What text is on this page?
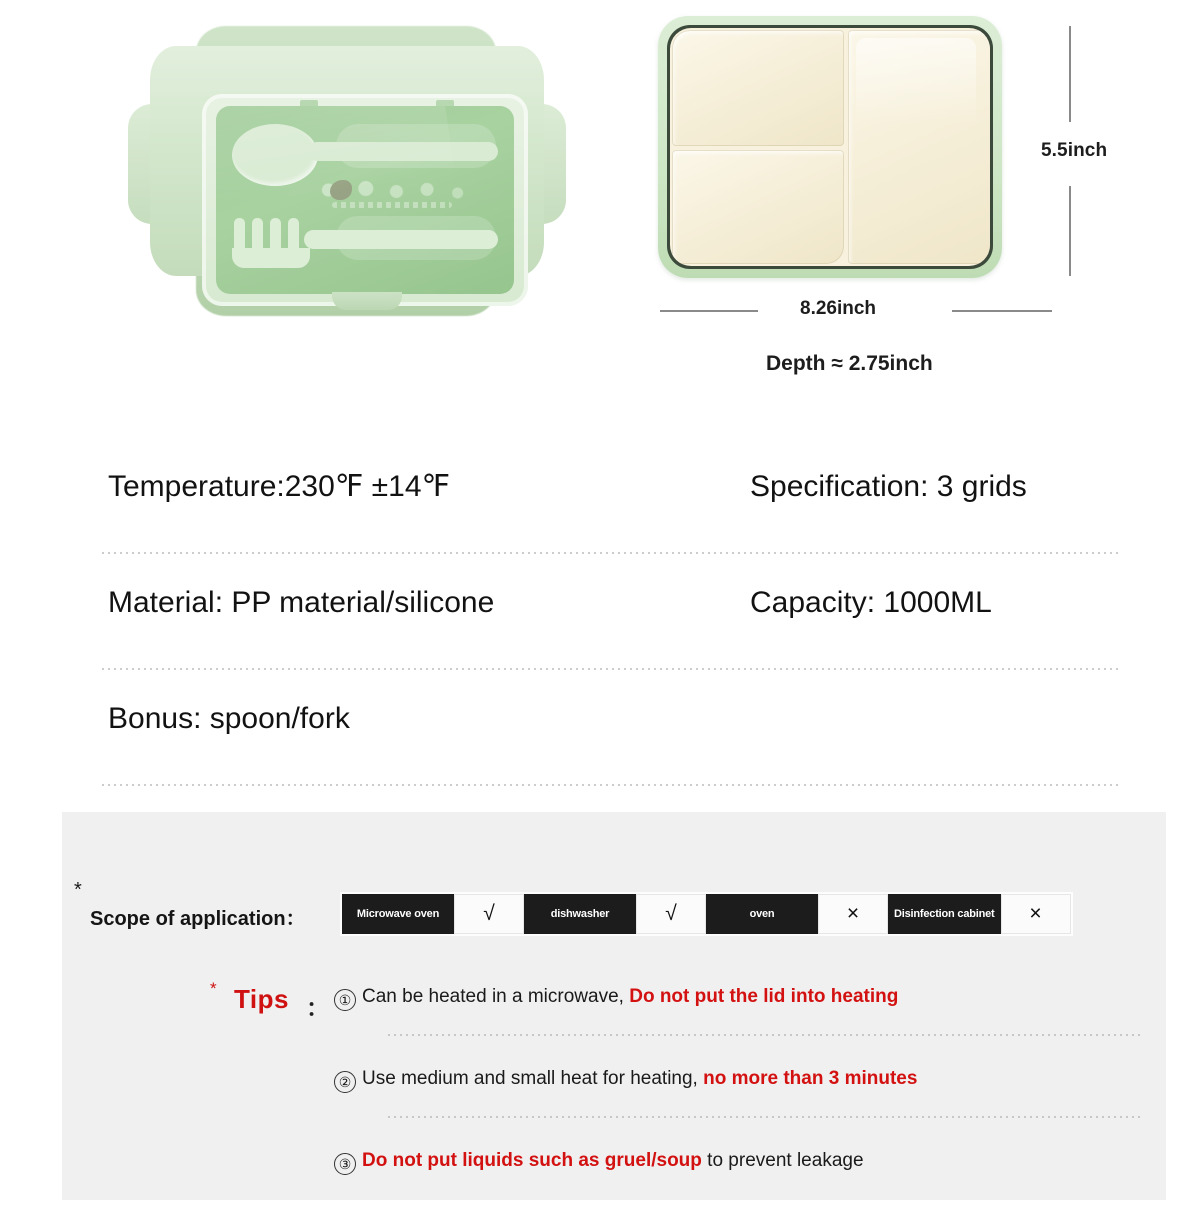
5.5inch
8.26inch
Depth ≈ 2.75inch
Temperature:230℉ ±14℉	Specification: 3 grids
Material: PP material/silicone	Capacity: 1000ML
Bonus: spoon/fork
*
Scope of application：	Microwave oven	√	dishwasher	√	oven	×	Disinfection cabinet	×
* Tips ： ① Can be heated in a microwave, Do not put the lid into heating
② Use medium and small heat for heating, no more than 3 minutes
③ Do not put liquids such as gruel/soup to prevent leakage
